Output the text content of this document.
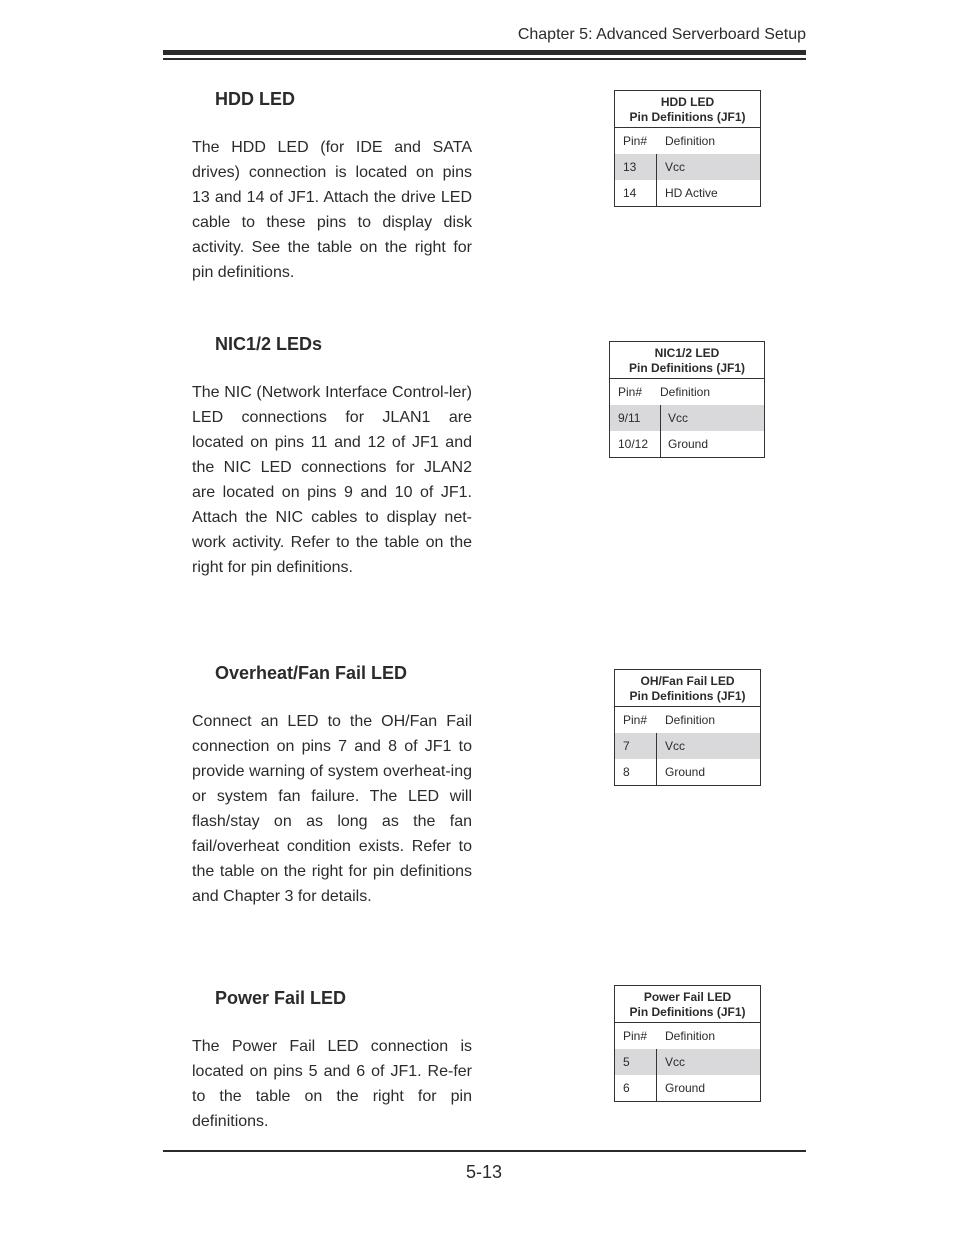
Chapter 5: Advanced Serverboard Setup
HDD LED
The HDD LED (for IDE and SATA drives) connection is located on pins 13 and 14 of JF1. Attach the drive LED cable to these pins to display disk activity. See the table on the right for pin definitions.
HDD LED
Pin Definitions (JF1)
Pin# Definition
13 Vcc
14 HD Active
NIC1/2 LEDs
The NIC (Network Interface Control-ler) LED connections for JLAN1 are located on pins 11 and 12 of JF1 and the NIC LED connections for JLAN2 are located on pins 9 and 10 of JF1. Attach the NIC cables to display net-work activity. Refer to the table on the right for pin definitions.
NIC1/2 LED
Pin Definitions (JF1)
Pin# Definition
9/11 Vcc
10/12 Ground
Overheat/Fan Fail LED
Connect an LED to the OH/Fan Fail connection on pins 7 and 8 of JF1 to provide warning of system overheat-ing or system fan failure. The LED will flash/stay on as long as the fan fail/overheat condition exists. Refer to the table on the right for pin definitions and Chapter 3 for details.
OH/Fan Fail LED
Pin Definitions (JF1)
Pin# Definition
7	Vcc
8	Ground
Power Fail LED
The Power Fail LED connection is located on pins 5 and 6 of JF1. Re-fer to the table on the right for pin definitions.
Power Fail LED
Pin Definitions (JF1)
Pin# Definition
5	Vcc
6	Ground
5-13
